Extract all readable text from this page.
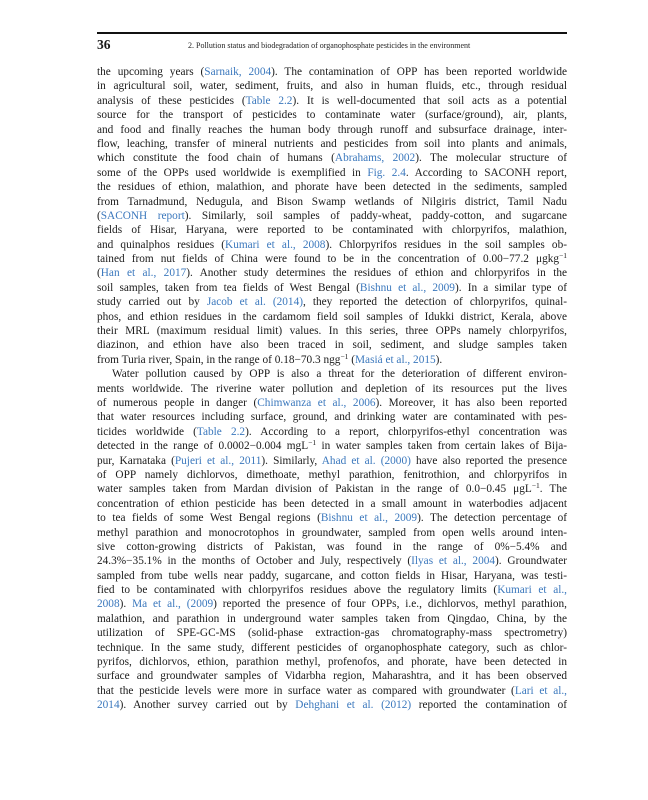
36	2. Pollution status and biodegradation of organophosphate pesticides in the environment
the upcoming years (Sarnaik, 2004). The contamination of OPP has been reported worldwide
in agricultural soil, water, sediment, fruits, and also in human fluids, etc., through residual
analysis of these pesticides (Table 2.2). It is well-documented that soil acts as a potential
source for the transport of pesticides to contaminate water (surface/ground), air, plants,
and food and finally reaches the human body through runoff and subsurface drainage, inter-
flow, leaching, transfer of mineral nutrients and pesticides from soil into plants and animals,
which constitute the food chain of humans (Abrahams, 2002). The molecular structure of
some of the OPPs used worldwide is exemplified in Fig. 2.4. According to SACONH report,
the residues of ethion, malathion, and phorate have been detected in the sediments, sampled
from Tarnadmund, Nedugula, and Bison Swamp wetlands of Nilgiris district, Tamil Nadu
(SACONH report). Similarly, soil samples of paddy-wheat, paddy-cotton, and sugarcane
fields of Hisar, Haryana, were reported to be contaminated with chlorpyrifos, malathion,
and quinalphos residues (Kumari et al., 2008). Chlorpyrifos residues in the soil samples ob-
tained from nut fields of China were found to be in the concentration of 0.00−77.2 μgkg$^{-1}$
(Han et al., 2017). Another study determines the residues of ethion and chlorpyrifos in the
soil samples, taken from tea fields of West Bengal (Bishnu et al., 2009). In a similar type of
study carried out by Jacob et al. (2014), they reported the detection of chlorpyrifos, quinal-
phos, and ethion residues in the cardamom field soil samples of Idukki district, Kerala, above
their MRL (maximum residual limit) values. In this series, three OPPs namely chlorpyrifos,
diazinon, and ethion have also been traced in soil, sediment, and sludge samples taken
from Turia river, Spain, in the range of 0.18−70.3 ngg$^{-1}$ (Masiá et al., 2015).
Water pollution caused by OPP is also a threat for the deterioration of different environ-
ments worldwide. The riverine water pollution and depletion of its resources put the lives
of numerous people in danger (Chimwanza et al., 2006). Moreover, it has also been reported
that water resources including surface, ground, and drinking water are contaminated with pes-
ticides worldwide (Table 2.2). According to a report, chlorpyrifos-ethyl concentration was
detected in the range of 0.0002−0.004 mgL$^{-1}$ in water samples taken from certain lakes of Bija-
pur, Karnataka (Pujeri et al., 2011). Similarly, Ahad et al. (2000) have also reported the presence
of OPP namely dichlorvos, dimethoate, methyl parathion, fenitrothion, and chlorpyrifos in
water samples taken from Mardan division of Pakistan in the range of 0.0−0.45 μgL$^{-1}$. The
concentration of ethion pesticide has been detected in a small amount in waterbodies adjacent
to tea fields of some West Bengal regions (Bishnu et al., 2009). The detection percentage of
methyl parathion and monocrotophos in groundwater, sampled from open wells around inten-
sive cotton-growing districts of Pakistan, was found in the range of 0%−5.4% and
24.3%−35.1% in the months of October and July, respectively (Ilyas et al., 2004). Groundwater
sampled from tube wells near paddy, sugarcane, and cotton fields in Hisar, Haryana, was testi-
fied to be contaminated with chlorpyrifos residues above the regulatory limits (Kumari et al.,
2008). Ma et al., (2009) reported the presence of four OPPs, i.e., dichlorvos, methyl parathion,
malathion, and parathion in underground water samples taken from Qingdao, China, by the
utilization of SPE-GC-MS (solid-phase extraction-gas chromatography-mass spectrometry)
technique. In the same study, different pesticides of organophosphate category, such as chlor-
pyrifos, dichlorvos, ethion, parathion methyl, profenofos, and phorate, have been detected in
surface and groundwater samples of Vidarbha region, Maharashtra, and it has been observed
that the pesticide levels were more in surface water as compared with groundwater (Lari et al.,
2014). Another survey carried out by Dehghani et al. (2012) reported the contamination of
